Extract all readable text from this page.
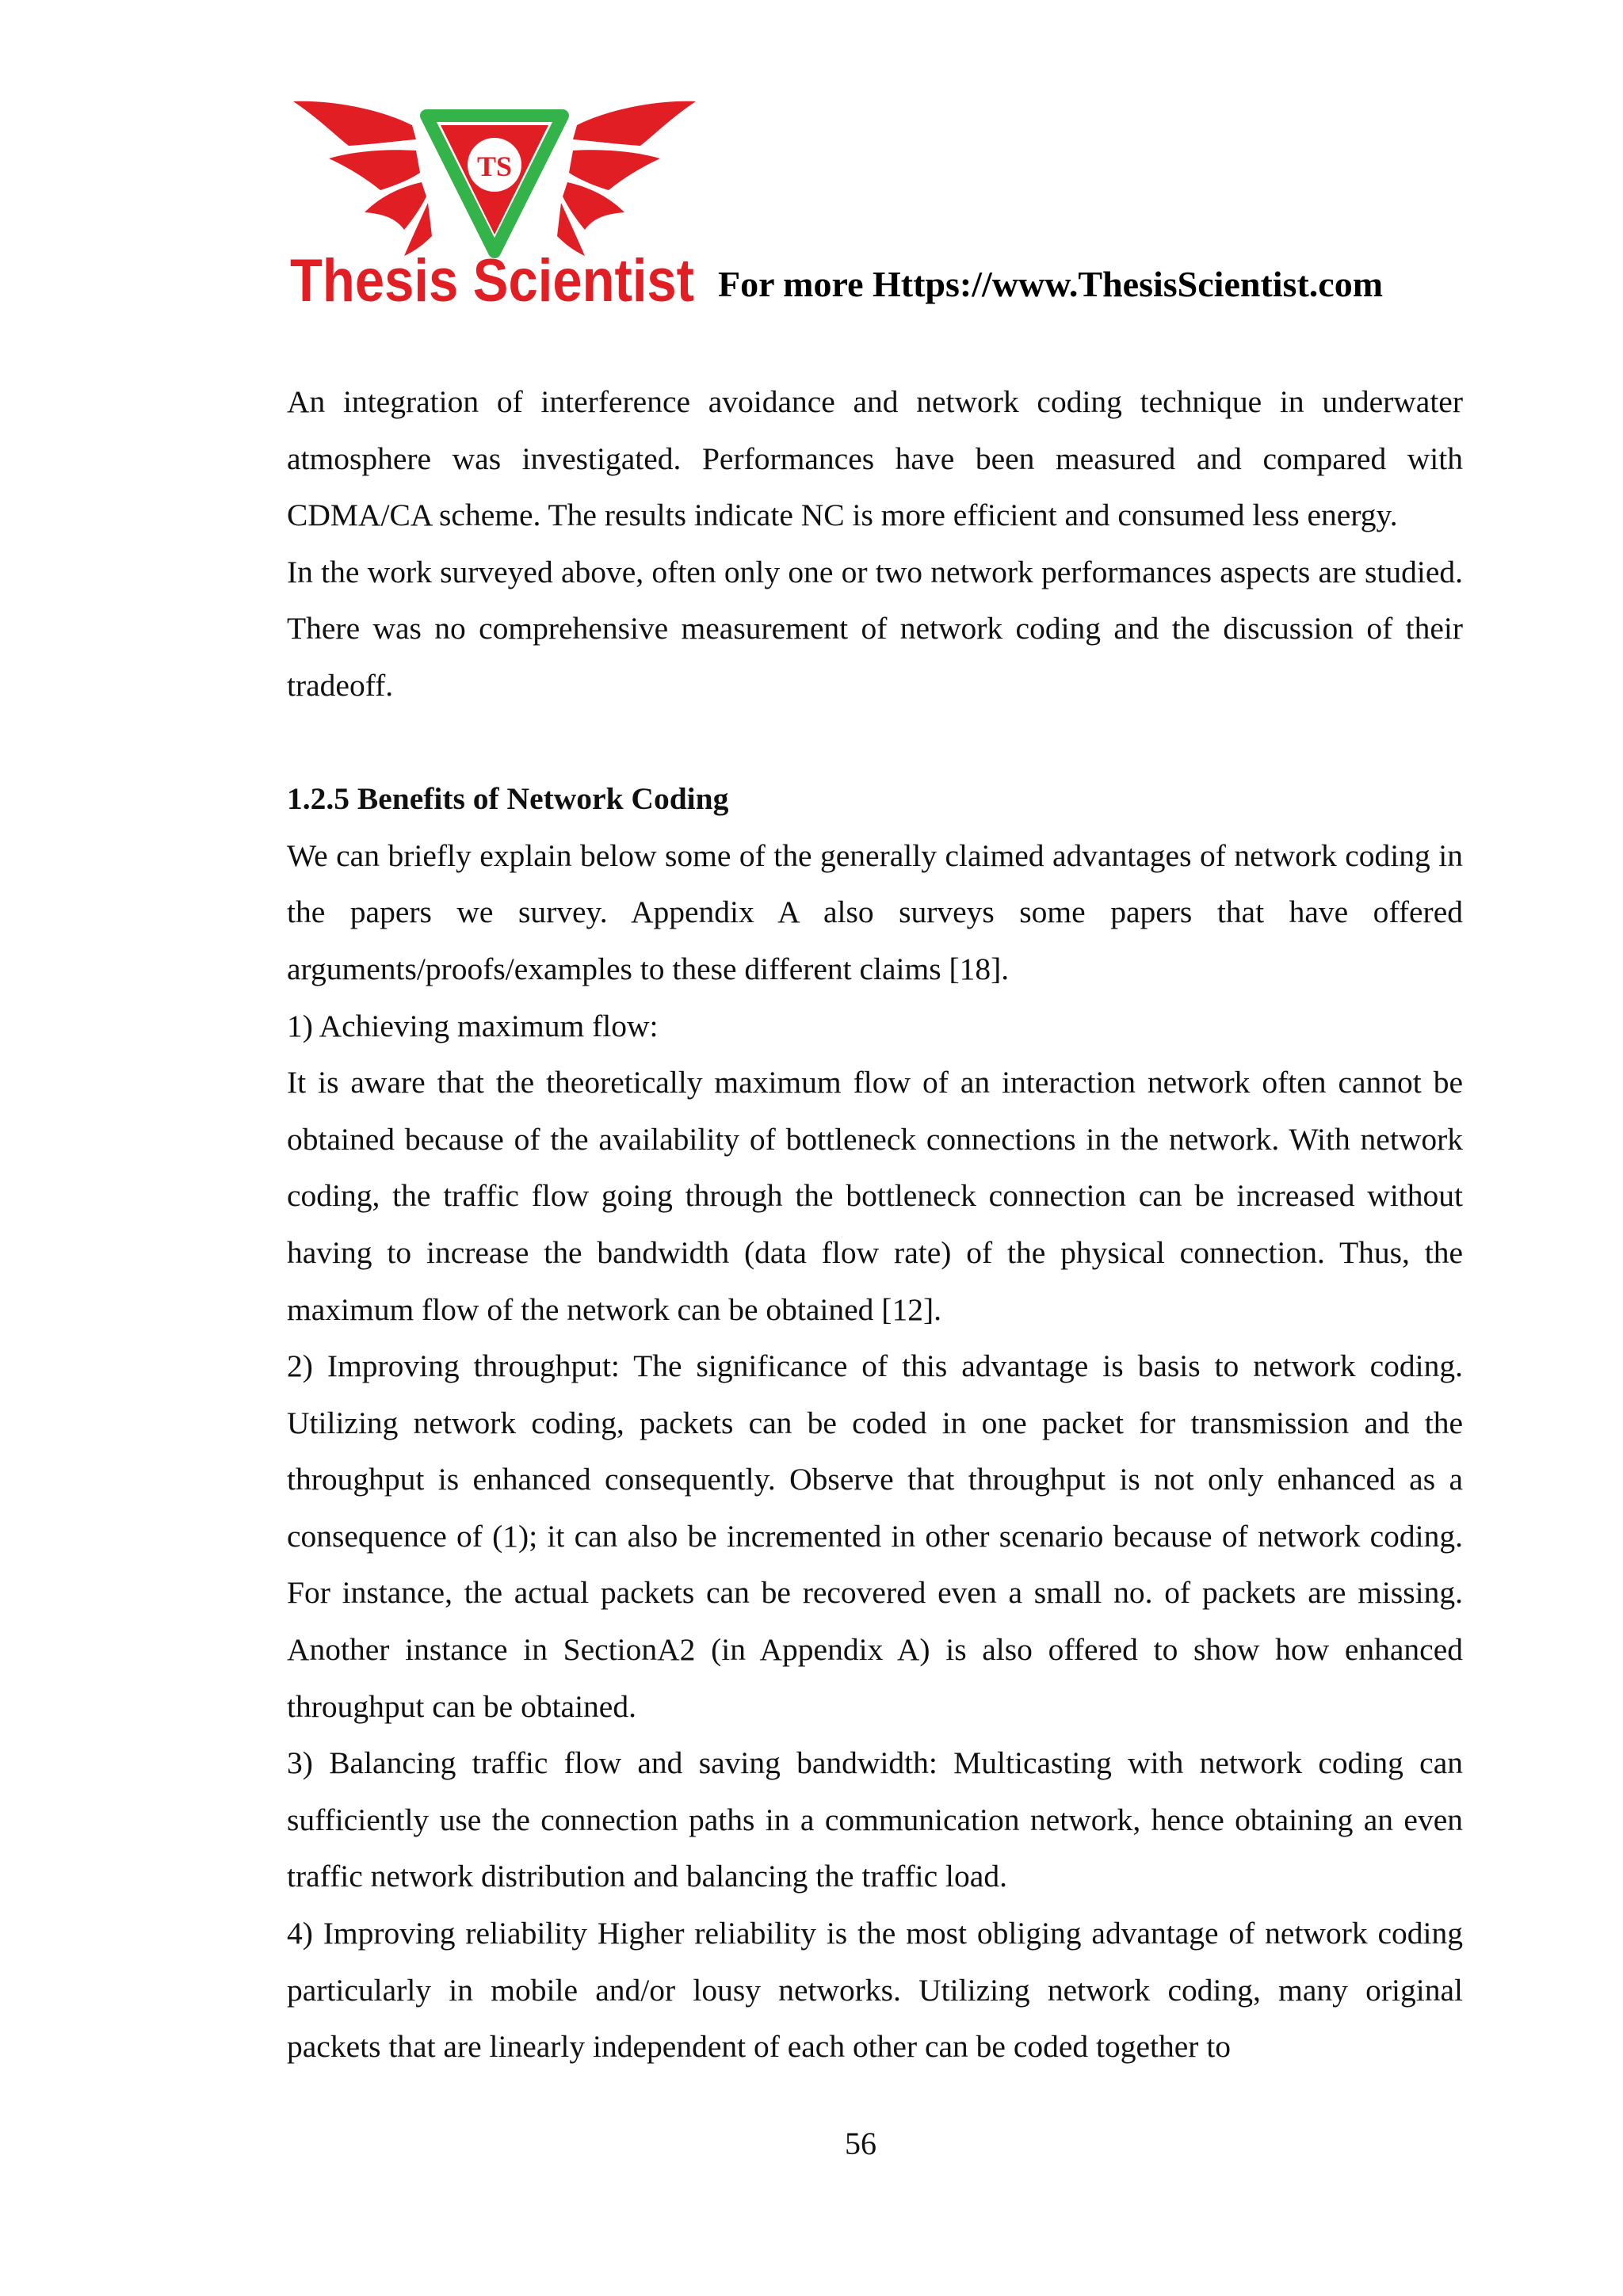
TS
Thesis Scientist For more Https://www.ThesisScientist.com

An integration of interference avoidance and network coding technique in underwater atmosphere was investigated. Performances have been measured and compared with CDMA/CA scheme. The results indicate NC is more efficient and consumed less energy.

In the work surveyed above, often only one or two network performances aspects are studied. There was no comprehensive measurement of network coding and the discussion of their tradeoff.

1.2.5 Benefits of Network Coding

We can briefly explain below some of the generally claimed advantages of network coding in the papers we survey. Appendix A also surveys some papers that have offered arguments/proofs/examples to these different claims [18].

1) Achieving maximum flow:

It is aware that the theoretically maximum flow of an interaction network often cannot be obtained because of the availability of bottleneck connections in the network. With network coding, the traffic flow going through the bottleneck connection can be increased without having to increase the bandwidth (data flow rate) of the physical connection. Thus, the maximum flow of the network can be obtained [12].

2) Improving throughput: The significance of this advantage is basis to network coding. Utilizing network coding, packets can be coded in one packet for transmission and the throughput is enhanced consequently. Observe that throughput is not only enhanced as a consequence of (1); it can also be incremented in other scenario because of network coding. For instance, the actual packets can be recovered even a small no. of packets are missing. Another instance in SectionA2 (in Appendix A) is also offered to show how enhanced throughput can be obtained.

3) Balancing traffic flow and saving bandwidth: Multicasting with network coding can sufficiently use the connection paths in a communication network, hence obtaining an even traffic network distribution and balancing the traffic load.

4) Improving reliability Higher reliability is the most obliging advantage of network coding particularly in mobile and/or lousy networks. Utilizing network coding, many original packets that are linearly independent of each other can be coded together to

56
